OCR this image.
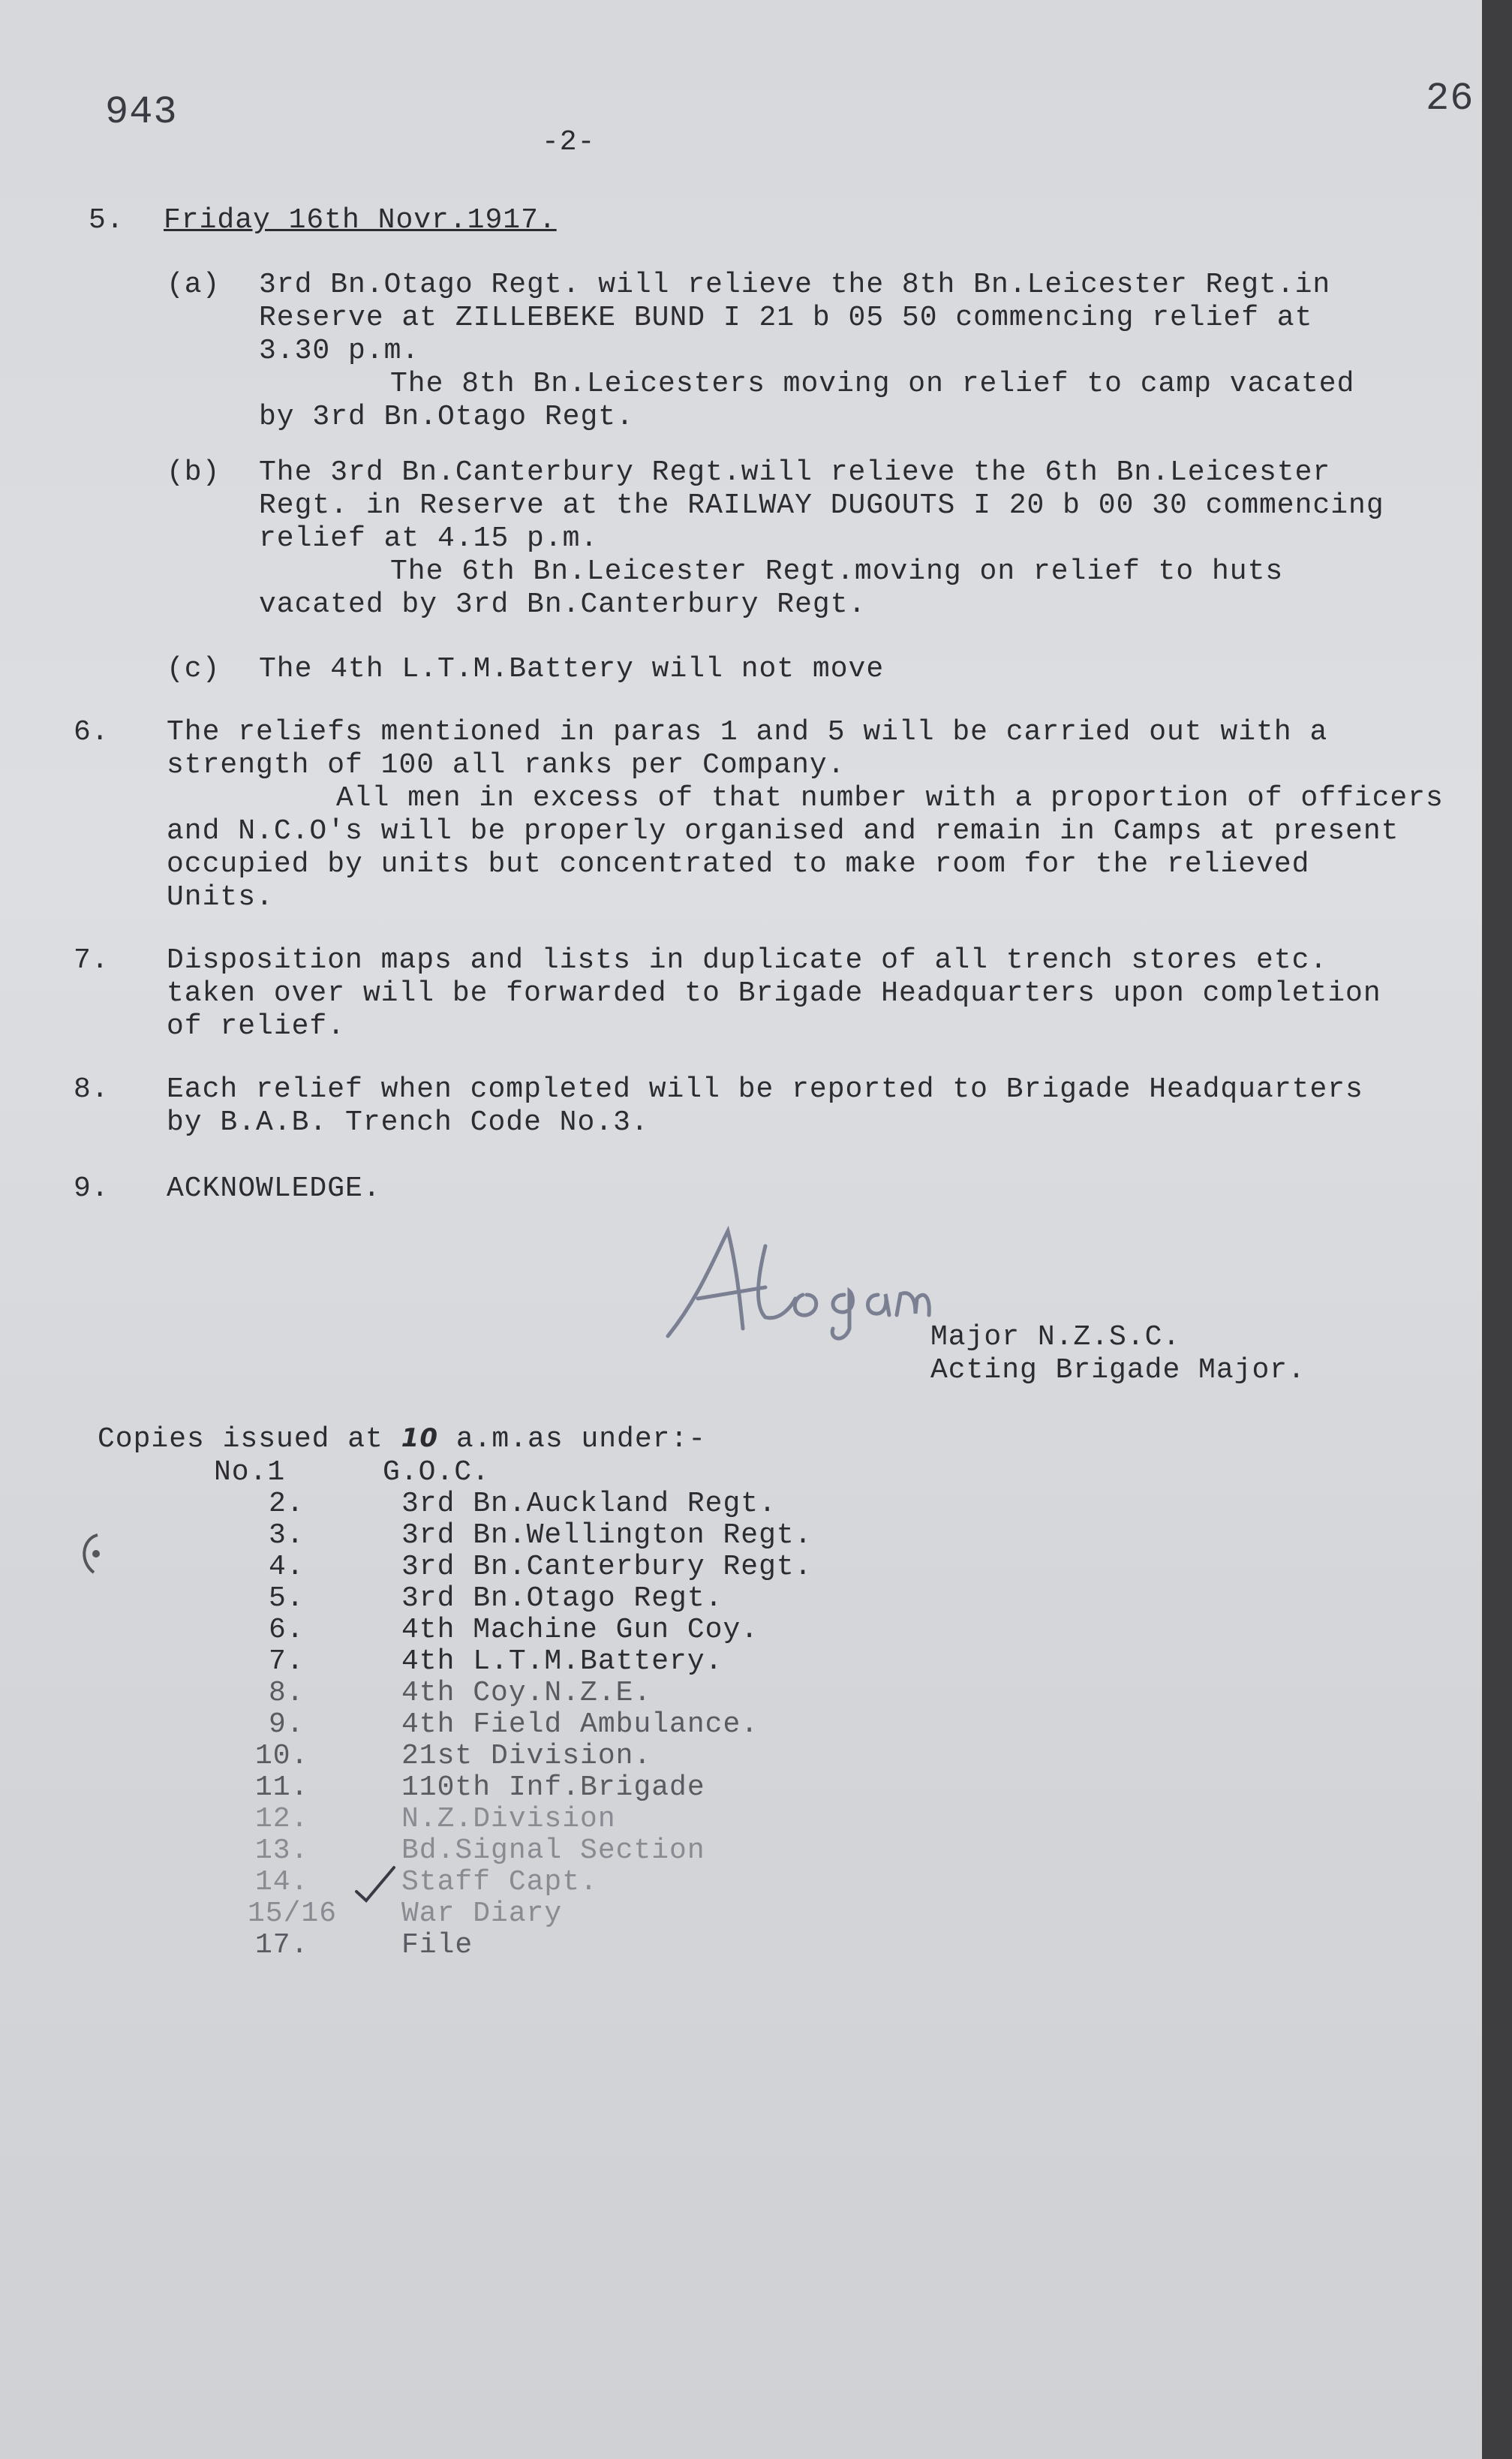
943

-2-

26

5. Friday 16th Novr.1917.

(a) 3rd Bn.Otago Regt. will relieve the 8th Bn.Leicester Regt.in

Reserve at ZILLEBEKE BUND I 21 b 05 50 commencing relief at

3.30 p.m.

The 8th Bn.Leicesters moving on relief to camp vacated

by 3rd Bn.Otago Regt.

(b) The 3rd Bn.Canterbury Regt.will relieve the 6th Bn.Leicester

Regt. in Reserve at the RAILWAY DUGOUTS I 20 b 00 30 commencing

relief at 4.15 p.m.

The 6th Bn.Leicester Regt.moving on relief to huts

vacated by 3rd Bn.Canterbury Regt.

(c) The 4th L.T.M.Battery will not move

6. The reliefs mentioned in paras 1 and 5 will be carried out with a

strength of 100 all ranks per Company.

All men in excess of that number with a proportion of officers

and N.C.O's will be properly organised and remain in Camps at present

occupied by units but concentrated to make room for the relieved

Units.

7. Disposition maps and lists in duplicate of all trench stores etc.

taken over will be forwarded to Brigade Headquarters upon completion

of relief.

8. Each relief when completed will be reported to Brigade Headquarters

by B.A.B. Trench Code No.3.

9. ACKNOWLEDGE.

A Logan

Major N.Z.S.C.

Acting Brigade Major.

Copies issued at 10 a.m.as under:-

No.1	G.O.C.

2.	3rd Bn.Auckland Regt.

3.	3rd Bn.Wellington Regt.

4.	3rd Bn.Canterbury Regt.

5.	3rd Bn.Otago Regt.

6.	4th Machine Gun Coy.

7.	4th L.T.M.Battery.

8.	4th Coy.N.Z.E.

9.	4th Field Ambulance.

10.	21st Division.

11.	110th Inf.Brigade

12.	N.Z.Division

13.	Bd.Signal Section

14.	Staff Capt.

15/16 War Diary

17.	File
